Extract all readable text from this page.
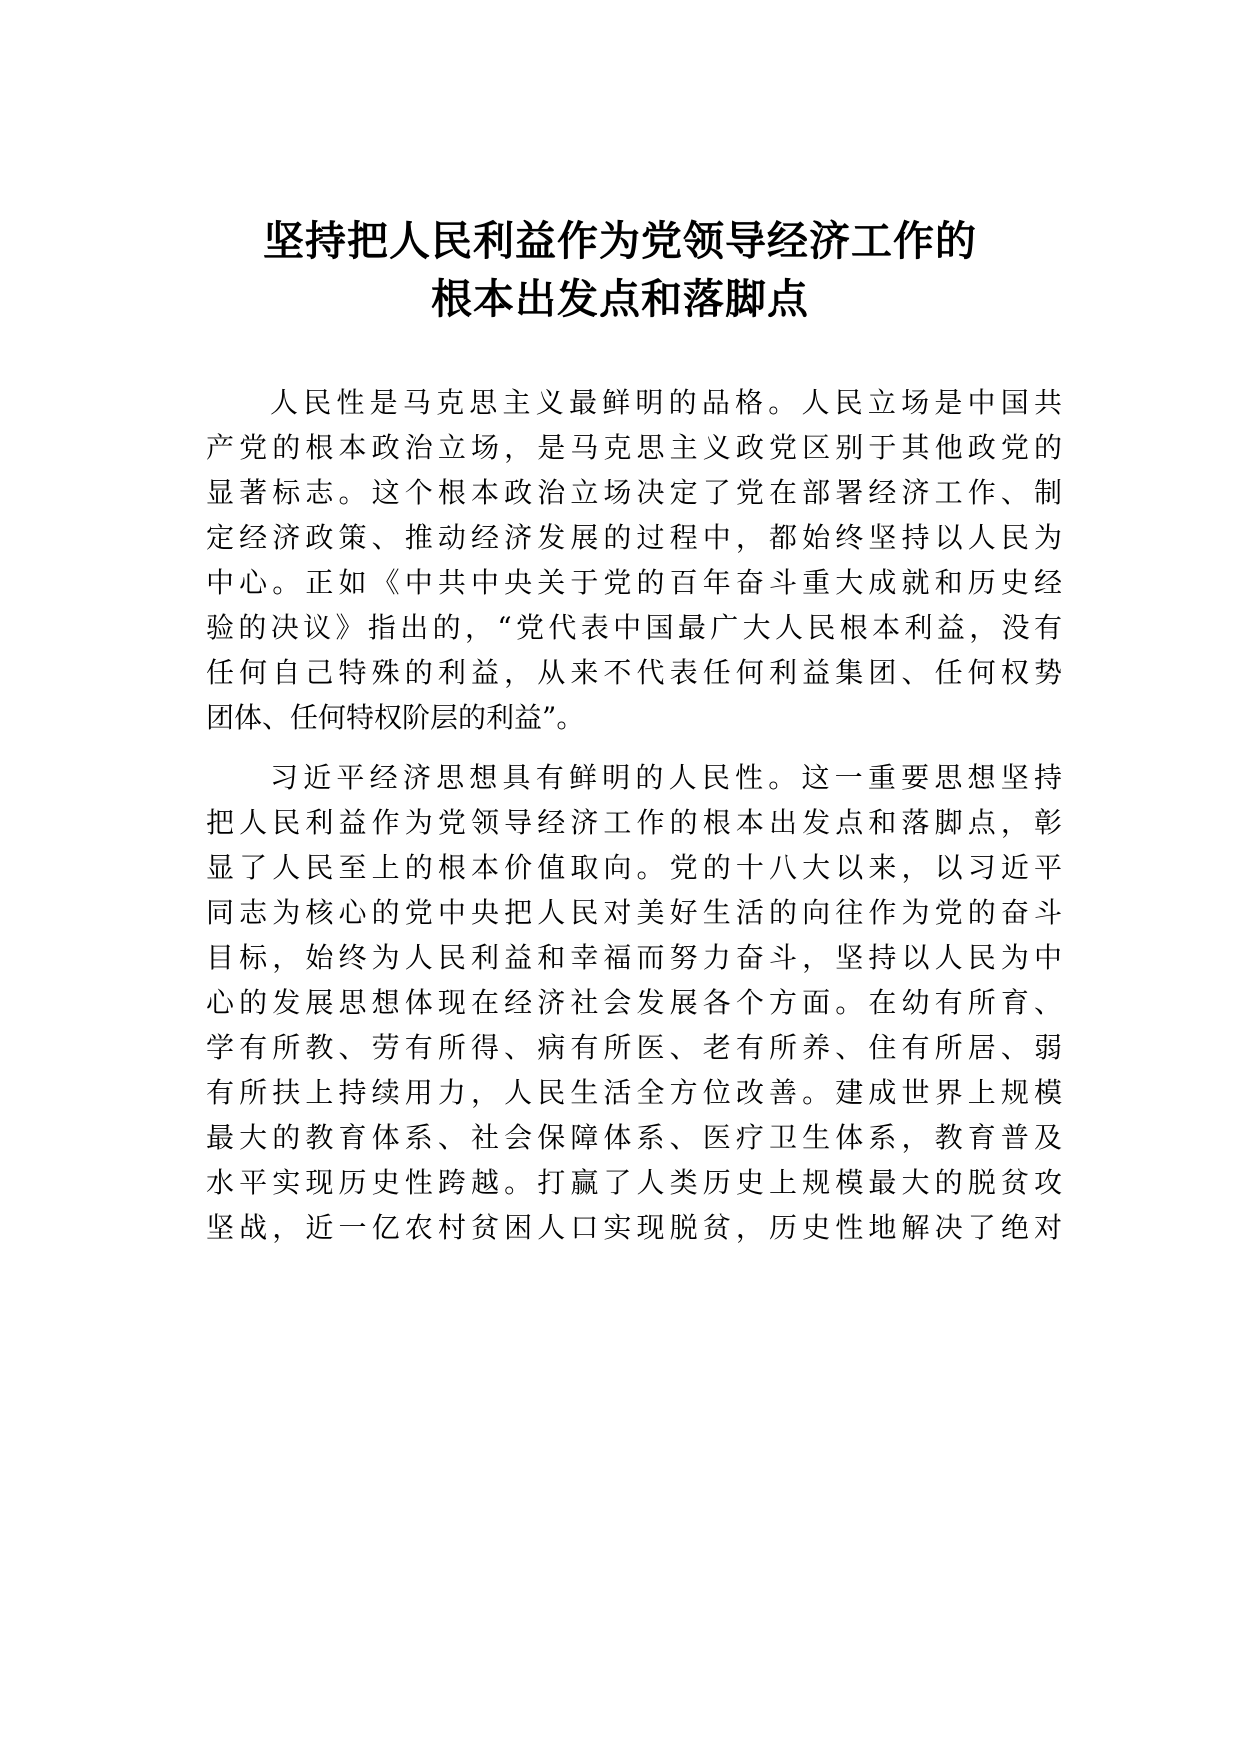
坚持把人民利益作为党领导经济工作的
根本出发点和落脚点
人民性是马克思主义最鲜明的品格。人民立场是中国共
产党的根本政治立场，是马克思主义政党区别于其他政党的
显著标志。这个根本政治立场决定了党在部署经济工作、制
定经济政策、推动经济发展的过程中，都始终坚持以人民为
中心。正如《中共中央关于党的百年奋斗重大成就和历史经
验的决议》指出的，“党代表中国最广大人民根本利益，没有
任何自己特殊的利益，从来不代表任何利益集团、任何权势
团体、任何特权阶层的利益”。
习近平经济思想具有鲜明的人民性。这一重要思想坚持
把人民利益作为党领导经济工作的根本出发点和落脚点，彰
显了人民至上的根本价值取向。党的十八大以来，以习近平
同志为核心的党中央把人民对美好生活的向往作为党的奋斗
目标，始终为人民利益和幸福而努力奋斗，坚持以人民为中
心的发展思想体现在经济社会发展各个方面。在幼有所育、
学有所教、劳有所得、病有所医、老有所养、住有所居、弱
有所扶上持续用力，人民生活全方位改善。建成世界上规模
最大的教育体系、社会保障体系、医疗卫生体系，教育普及
水平实现历史性跨越。打赢了人类历史上规模最大的脱贫攻
坚战，近一亿农村贫困人口实现脱贫，历史性地解决了绝对
